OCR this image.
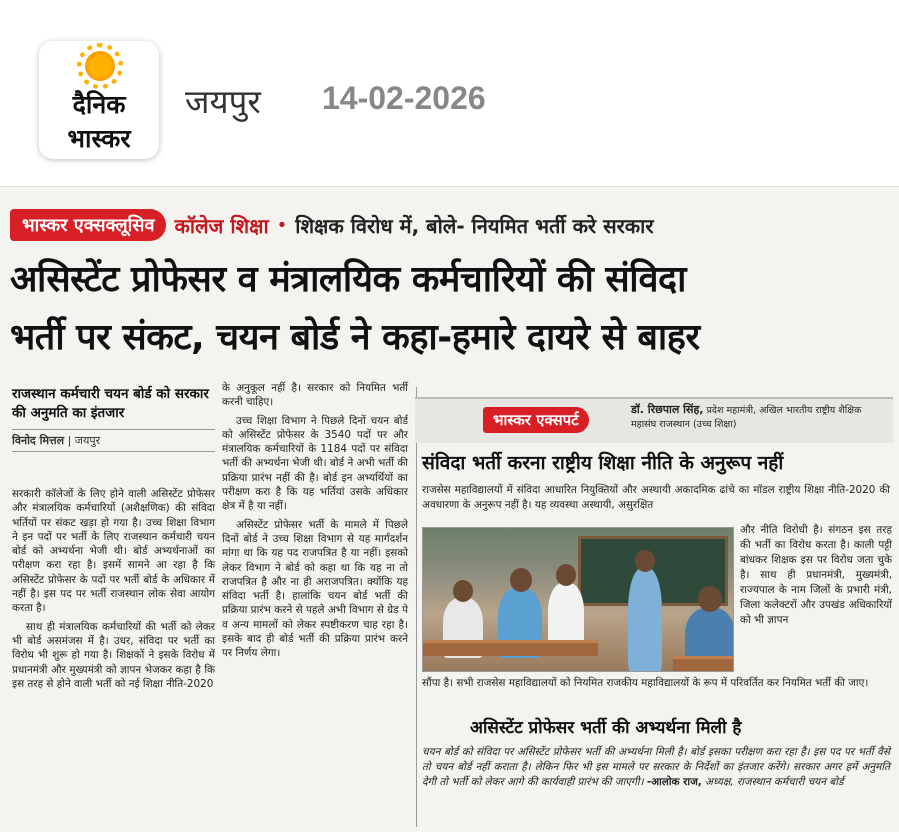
दैनिक
भास्कर
जयपुर 14-02-2026
भास्कर एक्सक्लूसिव	कॉलेज शिक्षा • शिक्षक विरोध में, बोले- नियमित भर्ती करे सरकार
असिस्टेंट प्रोफेसर व मंत्रालयिक कर्मचारियों की संविदा
भर्ती पर संकट, चयन बोर्ड ने कहा-हमारे दायरे से बाहर
राजस्थान कर्मचारी चयन बोर्ड को सरकार की अनुमति का इंतजार
विनोद मित्तल | जयपुर

सरकारी कॉलेजों के लिए होने वाली असिस्टेंट प्रोफेसर और मंत्रालयिक कर्मचारियों (अशैक्षणिक) की संविदा भर्तियों पर संकट खड़ा हो गया है। उच्च शिक्षा विभाग ने इन पदों पर भर्ती के लिए राजस्थान कर्मचारी चयन बोर्ड को अभ्यर्थना भेजी थी। बोर्ड अभ्यर्थनाओं का परीक्षण करा रहा है। इसमें सामने आ रहा है कि असिस्टेंट प्रोफेसर के पदों पर भर्ती बोर्ड के अधिकार में नहीं है। इस पद पर भर्ती राजस्थान लोक सेवा आयोग करता है।

साथ ही मंत्रालयिक कर्मचारियों की भर्ती को लेकर भी बोर्ड असमंजस में है। उधर, संविदा पर भर्ती का विरोध भी शुरू हो गया है। शिक्षकों ने इसके विरोध में प्रधानमंत्री और मुख्यमंत्री को ज्ञापन भेजकर कहा है कि इस तरह से होने वाली भर्ती को नई शिक्षा नीति-2020

के अनुकूल नहीं है। सरकार को नियमित भर्ती करनी चाहिए।

उच्च शिक्षा विभाग ने पिछले दिनों चयन बोर्ड को असिस्टेंट प्रोफेसर के 3540 पदों पर और मंत्रालयिक कर्मचारियों के 1184 पदों पर संविदा भर्ती की अभ्यर्थना भेजी थी। बोर्ड ने अभी भर्ती की प्रक्रिया प्रारंभ नहीं की है। बोर्ड इन अभ्यर्थियों का परीक्षण करा है कि यह भर्तियां उसके अधिकार क्षेत्र में है या नहीं।

असिस्टेंट प्रोफेसर भर्ती के मामले में पिछले दिनों बोर्ड ने उच्च शिक्षा विभाग से यह मार्गदर्शन मांगा था कि यह पद राजपत्रित है या नहीं। इसको लेकर विभाग ने बोर्ड को कहा था कि यह ना तो राजपत्रित है और ना ही अराजपत्रित। क्योंकि यह संविदा भर्ती है। हालांकि चयन बोर्ड भर्ती की प्रक्रिया प्रारंभ करने से पहले अभी विभाग से ग्रेड पे व अन्य मामलों को लेकर स्पष्टीकरण चाह रहा है। इसके बाद ही बोर्ड भर्ती की प्रक्रिया प्रारंभ करने पर निर्णय लेगा।

भास्कर एक्सपर्ट
डॉ. रिछपाल सिंह, प्रदेश महामंत्री, अखिल भारतीय राष्ट्रीय शैक्षिक महासंघ राजस्थान (उच्च शिक्षा)
संविदा भर्ती करना राष्ट्रीय शिक्षा नीति के अनुरूप नहीं
राजसेस महाविद्यालयों में संविदा आधारित नियुक्तियों और अस्थायी अकादमिक ढांचे का मॉडल राष्ट्रीय शिक्षा नीति-2020 की अवधारणा के अनुरूप नहीं है। यह व्यवस्था अस्थायी, असुरक्षित
और नीति विरोधी है। संगठन इस तरह की भर्ती का विरोध करता है। काली पट्टी बांधकर शिक्षक इस पर विरोध जता चुके है। साथ ही प्रधानमंत्री, मुख्यमंत्री, राज्यपाल के नाम जिलों के प्रभारी मंत्री, जिला कलेक्टरों और उपखंड अधिकारियों को भी ज्ञापन
सौंपा है। सभी राजसेस महाविद्यालयों को नियमित राजकीय महाविद्यालयों के रूप में परिवर्तित कर नियमित भर्ती की जाए।
असिस्टेंट प्रोफेसर भर्ती की अभ्यर्थना मिली है
चयन बोर्ड को संविदा पर असिस्टेंट प्रोफेसर भर्ती की अभ्यर्थना मिली है। बोर्ड इसका परीक्षण करा रहा है। इस पद पर भर्ती वैसे तो चयन बोर्ड नहीं कराता है। लेकिन फिर भी इस मामले पर सरकार के निर्देशों का इंतजार करेंगे। सरकार अगर हमें अनुमति देगी तो भर्ती को लेकर आगे की कार्यवाही प्रारंभ की जाएगी। -आलोक राज, अध्यक्ष, राजस्थान कर्मचारी चयन बोर्ड
